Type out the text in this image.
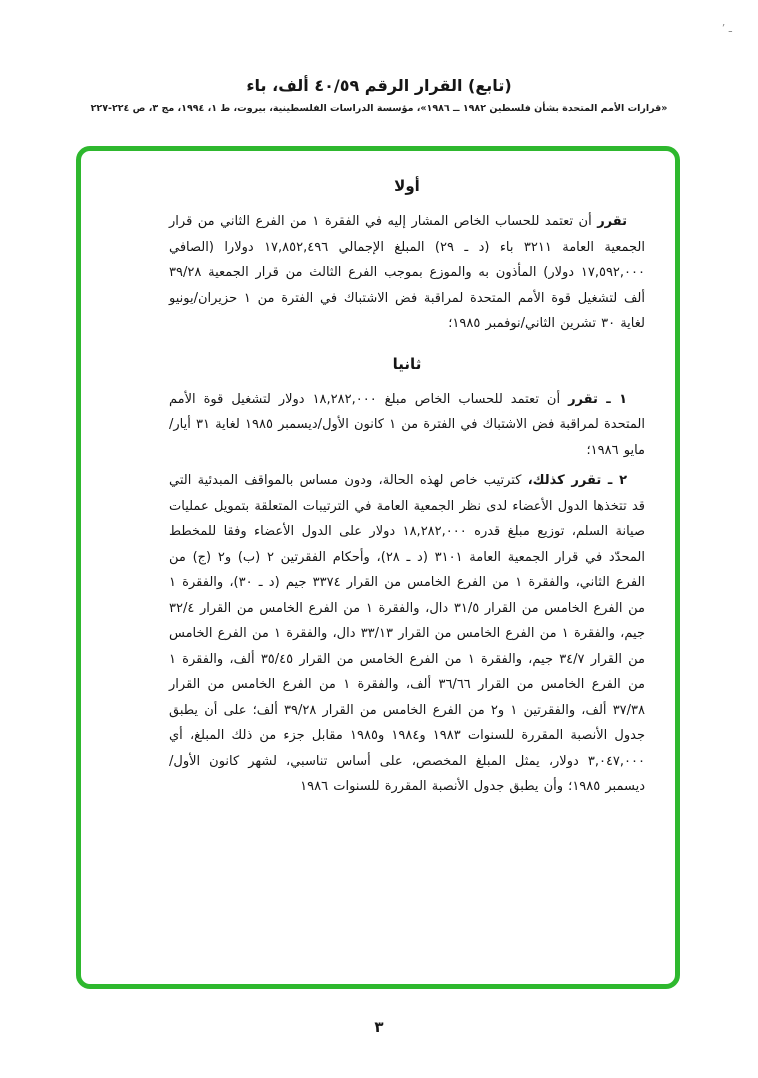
ـ ٬
(تابع) القرار الرقم ٤٠/٥٩ ألف، باء
«قرارات الأمم المتحدة بشأن فلسطين ١٩٨٢ ــ ١٩٨٦»، مؤسسة الدراسات الفلسطينية، بيروت، ط ١، ١٩٩٤، مج ٣، ص ٢٢٤-٢٢٧
أولا

تقرر أن تعتمد للحساب الخاص المشار إليه في الفقرة ١ من الفرع الثاني من قرار الجمعية العامة ٣٢١١ باء (د ـ ٢٩) المبلغ الإجمالي ١٧,٨٥٢,٤٩٦ دولارا (الصافي ١٧,٥٩٢,٠٠٠ دولار) المأذون به والموزع بموجب الفرع الثالث من قرار الجمعية ٣٩/٢٨ ألف لتشغيل قوة الأمم المتحدة لمراقبة فض الاشتباك في الفترة من ١ حزيران/يونيو لغاية ٣٠ تشرين الثاني/نوفمبر ١٩٨٥؛

ثانيا

١ ـ تقرر أن تعتمد للحساب الخاص مبلغ ١٨,٢٨٢,٠٠٠ دولار لتشغيل قوة الأمم المتحدة لمراقبة فض الاشتباك في الفترة من ١ كانون الأول/ديسمبر ١٩٨٥ لغاية ٣١ أيار/مايو ١٩٨٦؛

٢ ـ تقرر كذلك، كترتيب خاص لهذه الحالة، ودون مساس بالمواقف المبدئية التي قد تتخذها الدول الأعضاء لدى نظر الجمعية العامة في الترتيبات المتعلقة بتمويل عمليات صيانة السلم، توزيع مبلغ قدره ١٨,٢٨٢,٠٠٠ دولار على الدول الأعضاء وفقا للمخطط المحدّد في قرار الجمعية العامة ٣١٠١ (د ـ ٢٨)، وأحكام الفقرتين ٢ (ب) و٢ (ج) من الفرع الثاني، والفقرة ١ من الفرع الخامس من القرار ٣٣٧٤ جيم (د ـ ٣٠)، والفقرة ١ من الفرع الخامس من القرار ٣١/٥ دال، والفقرة ١ من الفرع الخامس من القرار ٣٢/٤ جيم، والفقرة ١ من الفرع الخامس من القرار ٣٣/١٣ دال، والفقرة ١ من الفرع الخامس من القرار ٣٤/٧ جيم، والفقرة ١ من الفرع الخامس من القرار ٣٥/٤٥ ألف، والفقرة ١ من الفرع الخامس من القرار ٣٦/٦٦ ألف، والفقرة ١ من الفرع الخامس من القرار ٣٧/٣٨ ألف، والفقرتين ١ و٢ من الفرع الخامس من القرار ٣٩/٢٨ ألف؛ على أن يطبق جدول الأنصبة المقررة للسنوات ١٩٨٣ و١٩٨٤ و١٩٨٥ مقابل جزء من ذلك المبلغ، أي ٣,٠٤٧,٠٠٠ دولار، يمثل المبلغ المخصص، على أساس تناسبي، لشهر كانون الأول/ديسمبر ١٩٨٥؛ وأن يطبق جدول الأنصبة المقررة للسنوات ١٩٨٦

٣
